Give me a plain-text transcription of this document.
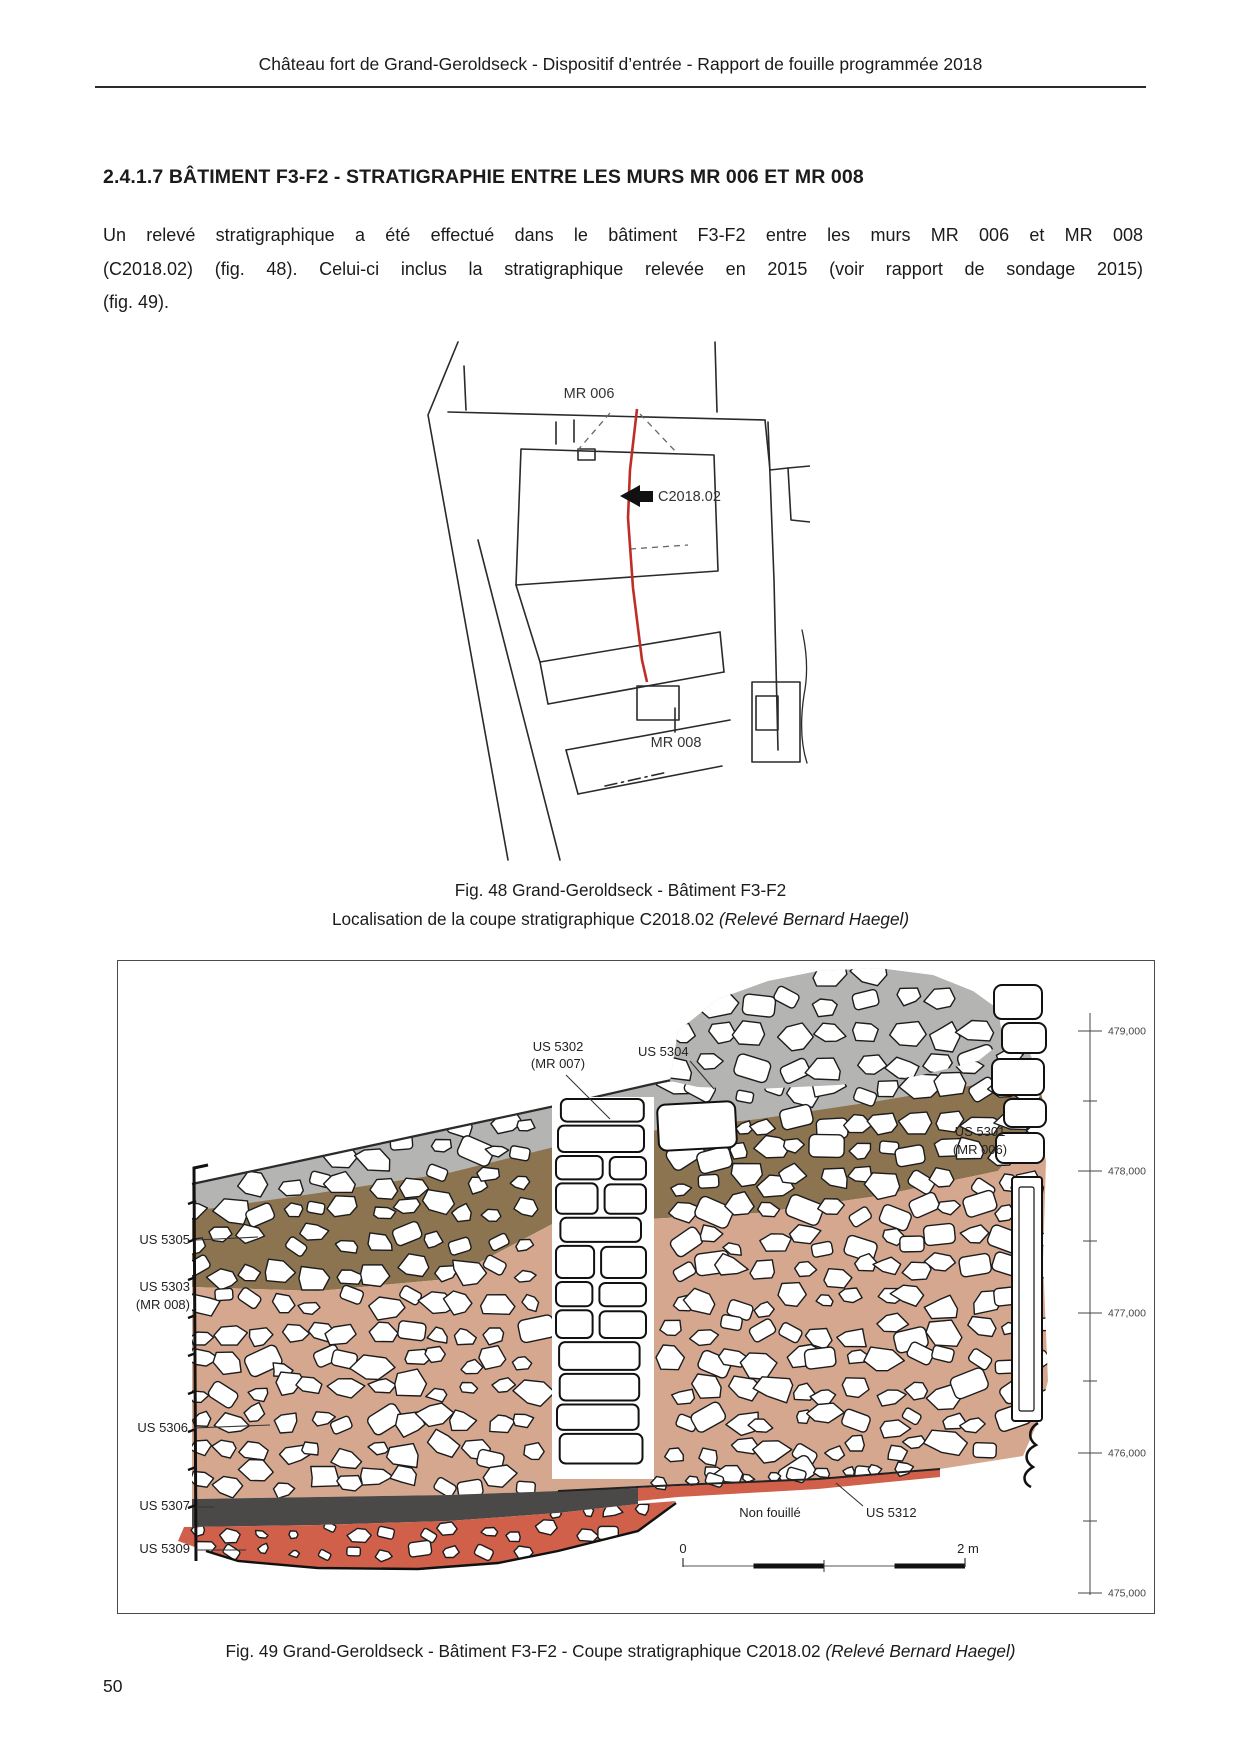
Château fort de Grand-Geroldseck - Dispositif d’entrée - Rapport de fouille programmée 2018
2.4.1.7 BÂTIMENT F3-F2 - STRATIGRAPHIE ENTRE LES MURS MR 006 ET MR 008
Un relevé stratigraphique a été effectué dans le bâtiment F3-F2 entre les murs MR 006 et MR 008
(C2018.02) (fig. 48). Celui-ci inclus la stratigraphique relevée en 2015 (voir rapport de sondage 2015)
(fig. 49).
MR 006
C2018.02
MR 008
Fig. 48 Grand-Geroldseck - Bâtiment F3-F2
Localisation de la coupe stratigraphique C2018.02 (Relevé Bernard Haegel)
US 5305
US 5303
(MR 008)
US 5306
US 5307
US 5309
US 5302
(MR 007)
US 5304
US 5301
(MR 006)
Non fouillé	US 5312
479,000
478,000
477,000
476,000
475,000
0	2 m
Fig. 49 Grand-Geroldseck - Bâtiment F3-F2 - Coupe stratigraphique C2018.02 (Relevé Bernard Haegel)
50
